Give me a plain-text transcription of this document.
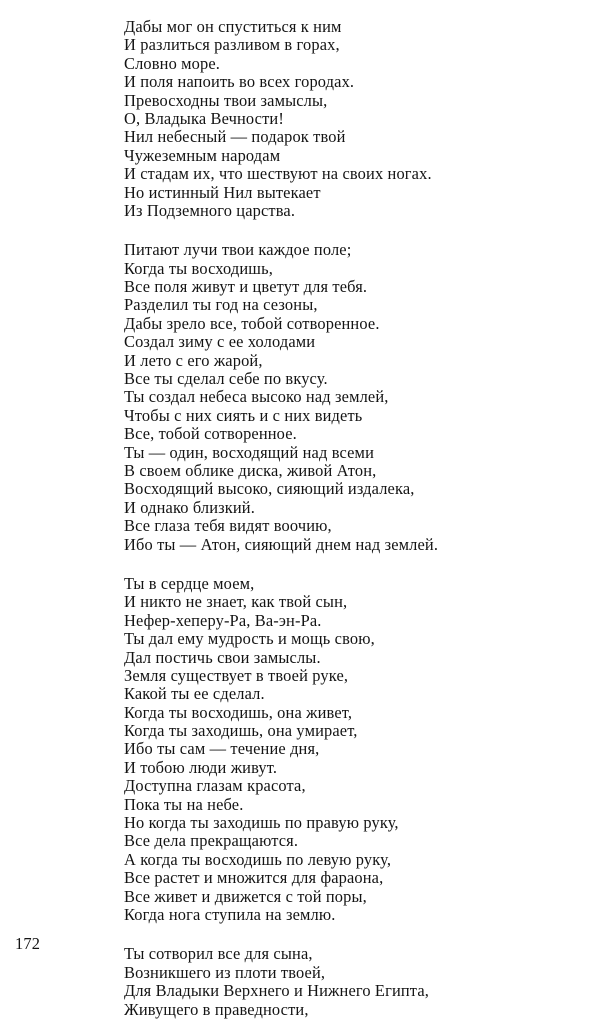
Дабы мог он спуститься к ним
И разлиться разливом в горах,
Словно море.
И поля напоить во всех городах.
Превосходны твои замыслы,
О, Владыка Вечности!
Нил небесный — подарок твой
Чужеземным народам
И стадам их, что шествуют на своих ногах.
Но истинный Нил вытекает
Из Подземного царства.
Питают лучи твои каждое поле;
Когда ты восходишь,
Все поля живут и цветут для тебя.
Разделил ты год на сезоны,
Дабы зрело все, тобой сотворенное.
Создал зиму с ее холодами
И лето с его жарой,
Все ты сделал себе по вкусу.
Ты создал небеса высоко над землей,
Чтобы с них сиять и с них видеть
Все, тобой сотворенное.
Ты — один, восходящий над всеми
В своем облике диска, живой Атон,
Восходящий высоко, сияющий издалека,
И однако близкий.
Все глаза тебя видят воочию,
Ибо ты — Атон, сияющий днем над землей.
Ты в сердце моем,
И никто не знает, как твой сын,
Нефер-хеперу-Ра, Ва-эн-Ра.
Ты дал ему мудрость и мощь свою,
Дал постичь свои замыслы.
Земля существует в твоей руке,
Какой ты ее сделал.
Когда ты восходишь, она живет,
Когда ты заходишь, она умирает,
Ибо ты сам — течение дня,
И тобою люди живут.
Доступна глазам красота,
Пока ты на небе.
Но когда ты заходишь по правую руку,
Все дела прекращаются.
А когда ты восходишь по левую руку,
Все растет и множится для фараона,
Все живет и движется с той поры,
Когда нога ступила на землю.
Ты сотворил все для сына,
Возникшего из плоти твоей,
Для Владыки Верхнего и Нижнего Египта,
Живущего в праведности,
172
